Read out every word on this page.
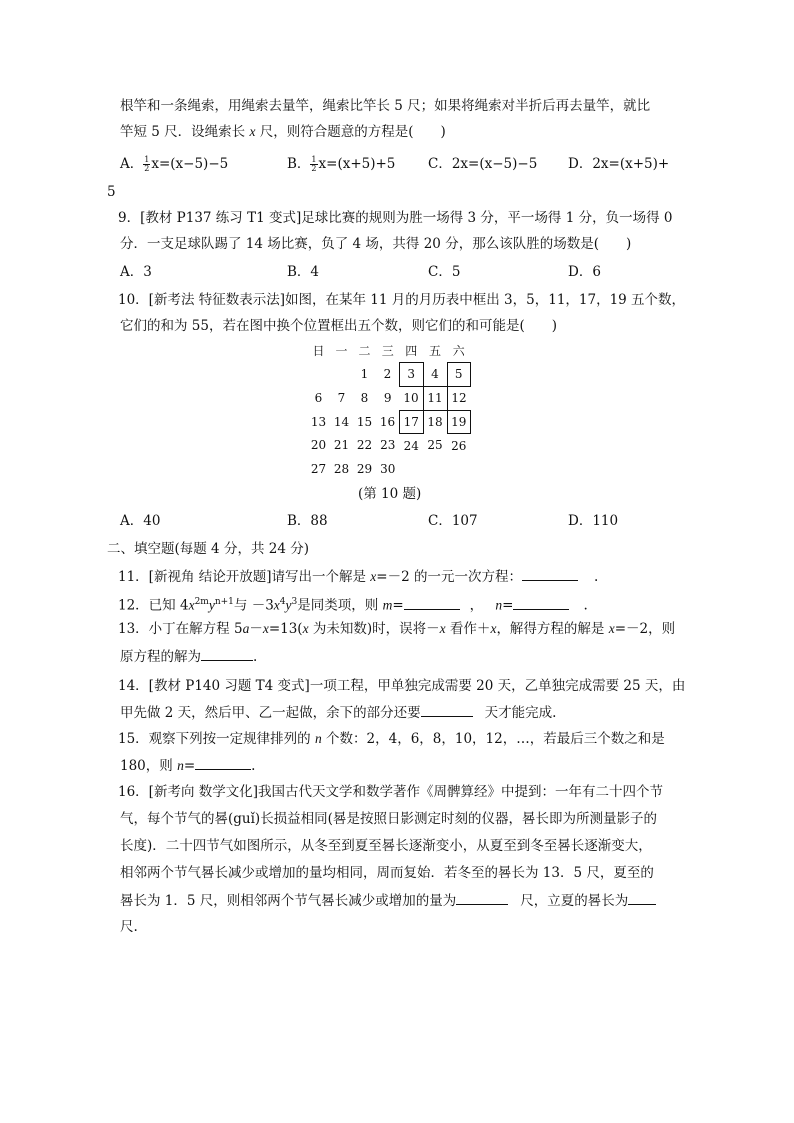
根竿和一条绳索，用绳索去量竿，绳索比竿长 5 尺；如果将绳索对半折后再去量竿，就比
竿短 5 尺．设绳索长 x 尺，则符合题意的方程是(　　)
A． $\frac{1}{2} x=(x-5)-5$	B． $\frac{1}{2} x=(x+5)+5$ C．2x=(x−5)−5 D．2x=(x+5)+
5
9．[教材 P137 练习 T1 变式]足球比赛的规则为胜一场得 3 分，平一场得 1 分，负一场得 0
分．一支足球队踢了 14 场比赛，负了 4 场，共得 20 分，那么该队胜的场数是(　　)
A．3	B．4	C．5	D．6
10．[新考法 特征数表示法]如图，在某年 11 月的月历表中框出 3，5，11，17，19 五个数，
它们的和为 55，若在图中换个位置框出五个数，则它们的和可能是(　　)
日	一	二	三	四	五	六
		1	2	3	4	5
6	7	8	9	10	11	12
13	14	15	16	17	18	19
20	21	22	23	24	25	26
27	28	29	30			
(第 10 题)
A．40	B．88	C．107	D．110
二、填空题(每题 4 分，共 24 分)
11．[新视角 结论开放题]请写出一个解是 x=－2 的一元一次方程：	.
12．已知 $4x^{2m}y^{n+1}$与 $-3x^4y^3$是同类项，则 m=	， n=	.
13．小丁在解方程 5a－x=13(x 为未知数)时，误将－x 看作＋x，解得方程的解是 x=－2，则
原方程的解为	.
14．[教材 P140 习题 T4 变式]一项工程，甲单独完成需要 20 天，乙单独完成需要 25 天，由
甲先做 2 天，然后甲、乙一起做，余下的部分还要	天才能完成.
15．观察下列按一定规律排列的 n 个数：2，4，6，8，10，12，…，若最后三个数之和是
180，则 n=	.
16．[新考向 数学文化]我国古代天文学和数学著作《周髀算经》中提到：一年有二十四个节
气，每个节气的晷(guǐ)长损益相同(晷是按照日影测定时刻的仪器，晷长即为所测量影子的
长度)．二十四节气如图所示，从冬至到夏至晷长逐渐变小，从夏至到冬至晷长逐渐变大，
相邻两个节气晷长减少或增加的量均相同，周而复始．若冬至的晷长为 13．5 尺，夏至的
晷长为 1．5 尺，则相邻两个节气晷长减少或增加的量为	尺，立夏的晷长为
尺.
